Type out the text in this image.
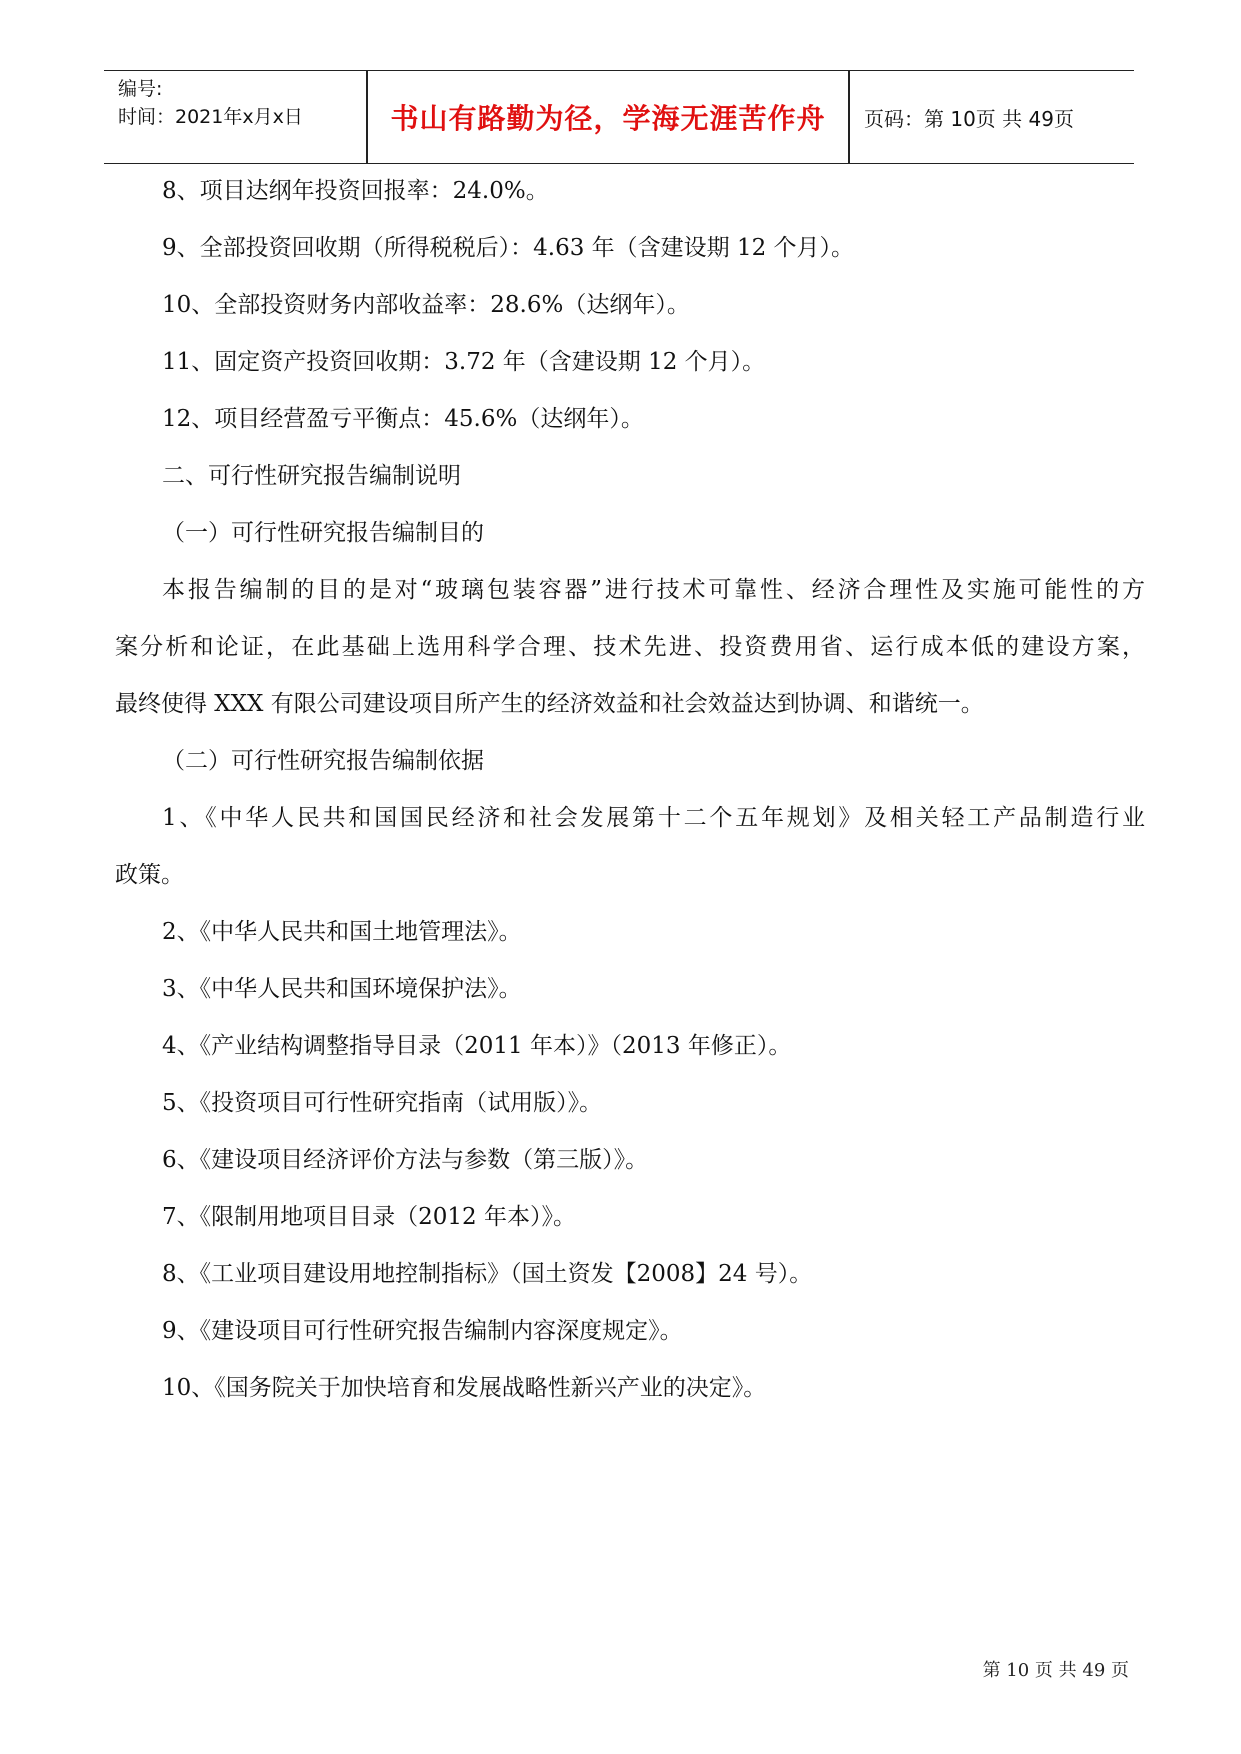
编号:
时间：2021年x月x日	书山有路勤为径，学海无涯苦作舟	页码：第 10页 共 49页
8、项目达纲年投资回报率：24.0%。
9、全部投资回收期（所得税税后）：4.63 年（含建设期 12 个月）。
10、全部投资财务内部收益率：28.6%（达纲年）。
11、固定资产投资回收期：3.72 年（含建设期 12 个月）。
12、项目经营盈亏平衡点：45.6%（达纲年）。
二、可行性研究报告编制说明
（一）可行性研究报告编制目的
本报告编制的目的是对“玻璃包装容器”进行技术可靠性、经济合理性及实施可能性的方
案分析和论证，在此基础上选用科学合理、技术先进、投资费用省、运行成本低的建设方案，
最终使得 XXX 有限公司建设项目所产生的经济效益和社会效益达到协调、和谐统一。
（二）可行性研究报告编制依据
1、《中华人民共和国国民经济和社会发展第十二个五年规划》及相关轻工产品制造行业
政策。
2、《中华人民共和国土地管理法》。
3、《中华人民共和国环境保护法》。
4、《产业结构调整指导目录（2011 年本）》（2013 年修正）。
5、《投资项目可行性研究指南（试用版）》。
6、《建设项目经济评价方法与参数（第三版）》。
7、《限制用地项目目录（2012 年本）》。
8、《工业项目建设用地控制指标》（国土资发【2008】24 号）。
9、《建设项目可行性研究报告编制内容深度规定》。
10、《国务院关于加快培育和发展战略性新兴产业的决定》。
第 10 页 共 49 页
